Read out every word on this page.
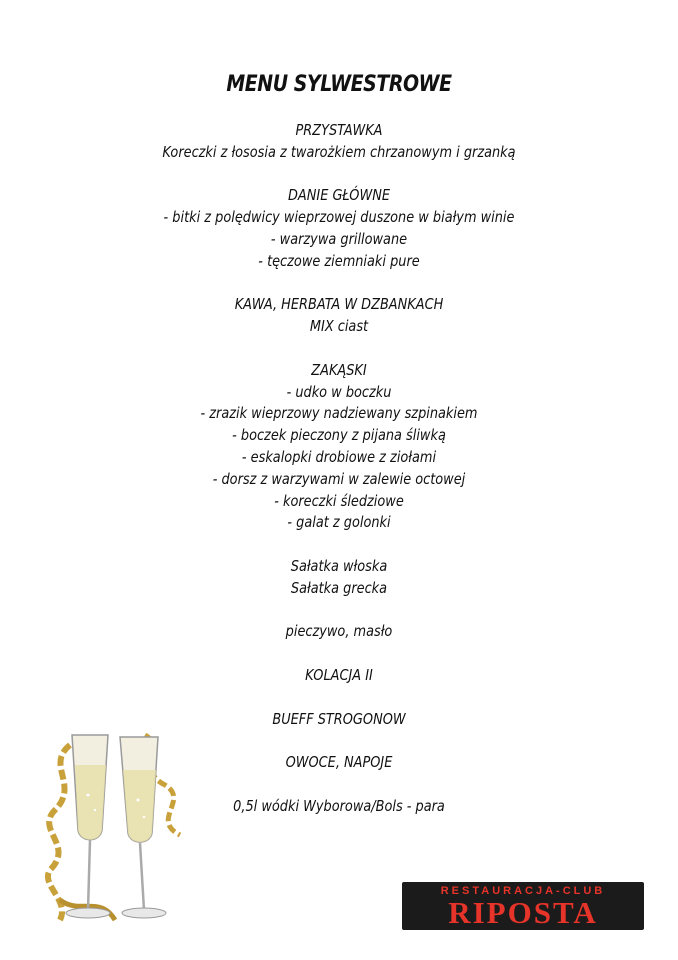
MENU SYLWESTROWE
PRZYSTAWKA
Koreczki z łososia z twarożkiem chrzanowym i grzanką
DANIE GŁÓWNE
- bitki z polędwicy wieprzowej duszone w białym winie
- warzywa grillowane
- tęczowe ziemniaki pure
KAWA, HERBATA W DZBANKACH
MIX ciast
ZAKĄSKI
- udko w boczku
- zrazik wieprzowy nadziewany szpinakiem
- boczek pieczony z pijana śliwką
- eskalopki drobiowe z ziołami
- dorsz z warzywami w zalewie octowej
- koreczki śledziowe
- galat z golonki
Sałatka włoska
Sałatka grecka
pieczywo, masło
KOLACJA II
BUEFF STROGONOW
OWOCE, NAPOJE
0,5l wódki Wyborowa/Bols - para
RESTAURACJA-CLUB
RIPOSTA
